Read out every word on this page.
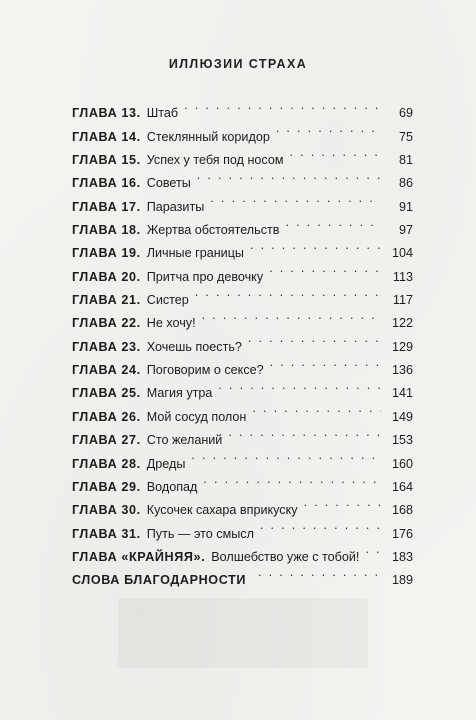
ИЛЛЮЗИИ СТРАХА
ГЛАВА 13. Штаб . . .	69
ГЛАВА 14. Стеклянный коридор . . .	75
ГЛАВА 15. Успех у тебя под носом . . .	81
ГЛАВА 16. Советы . . .	86
ГЛАВА 17. Паразиты . . .	91
ГЛАВА 18. Жертва обстоятельств . . .	97
ГЛАВА 19. Личные границы . . .	104
ГЛАВА 20. Притча про девочку . . .	113
ГЛАВА 21. Систер . . .	117
ГЛАВА 22. Не хочу! . . .	122
ГЛАВА 23. Хочешь поесть? . . .	129
ГЛАВА 24. Поговорим о сексе? . . .	136
ГЛАВА 25. Магия утра . . .	141
ГЛАВА 26. Мой сосуд полон . . .	149
ГЛАВА 27. Сто желаний . . .	153
ГЛАВА 28. Дреды . . .	160
ГЛАВА 29. Водопад . . .	164
ГЛАВА 30. Кусочек сахара вприкуску . . .	168
ГЛАВА 31. Путь — это смысл . . .	176
ГЛАВА «КРАЙНЯЯ». Волшебство уже с тобой! . . .	183
СЛОВА БЛАГОДАРНОСТИ . . .	189
